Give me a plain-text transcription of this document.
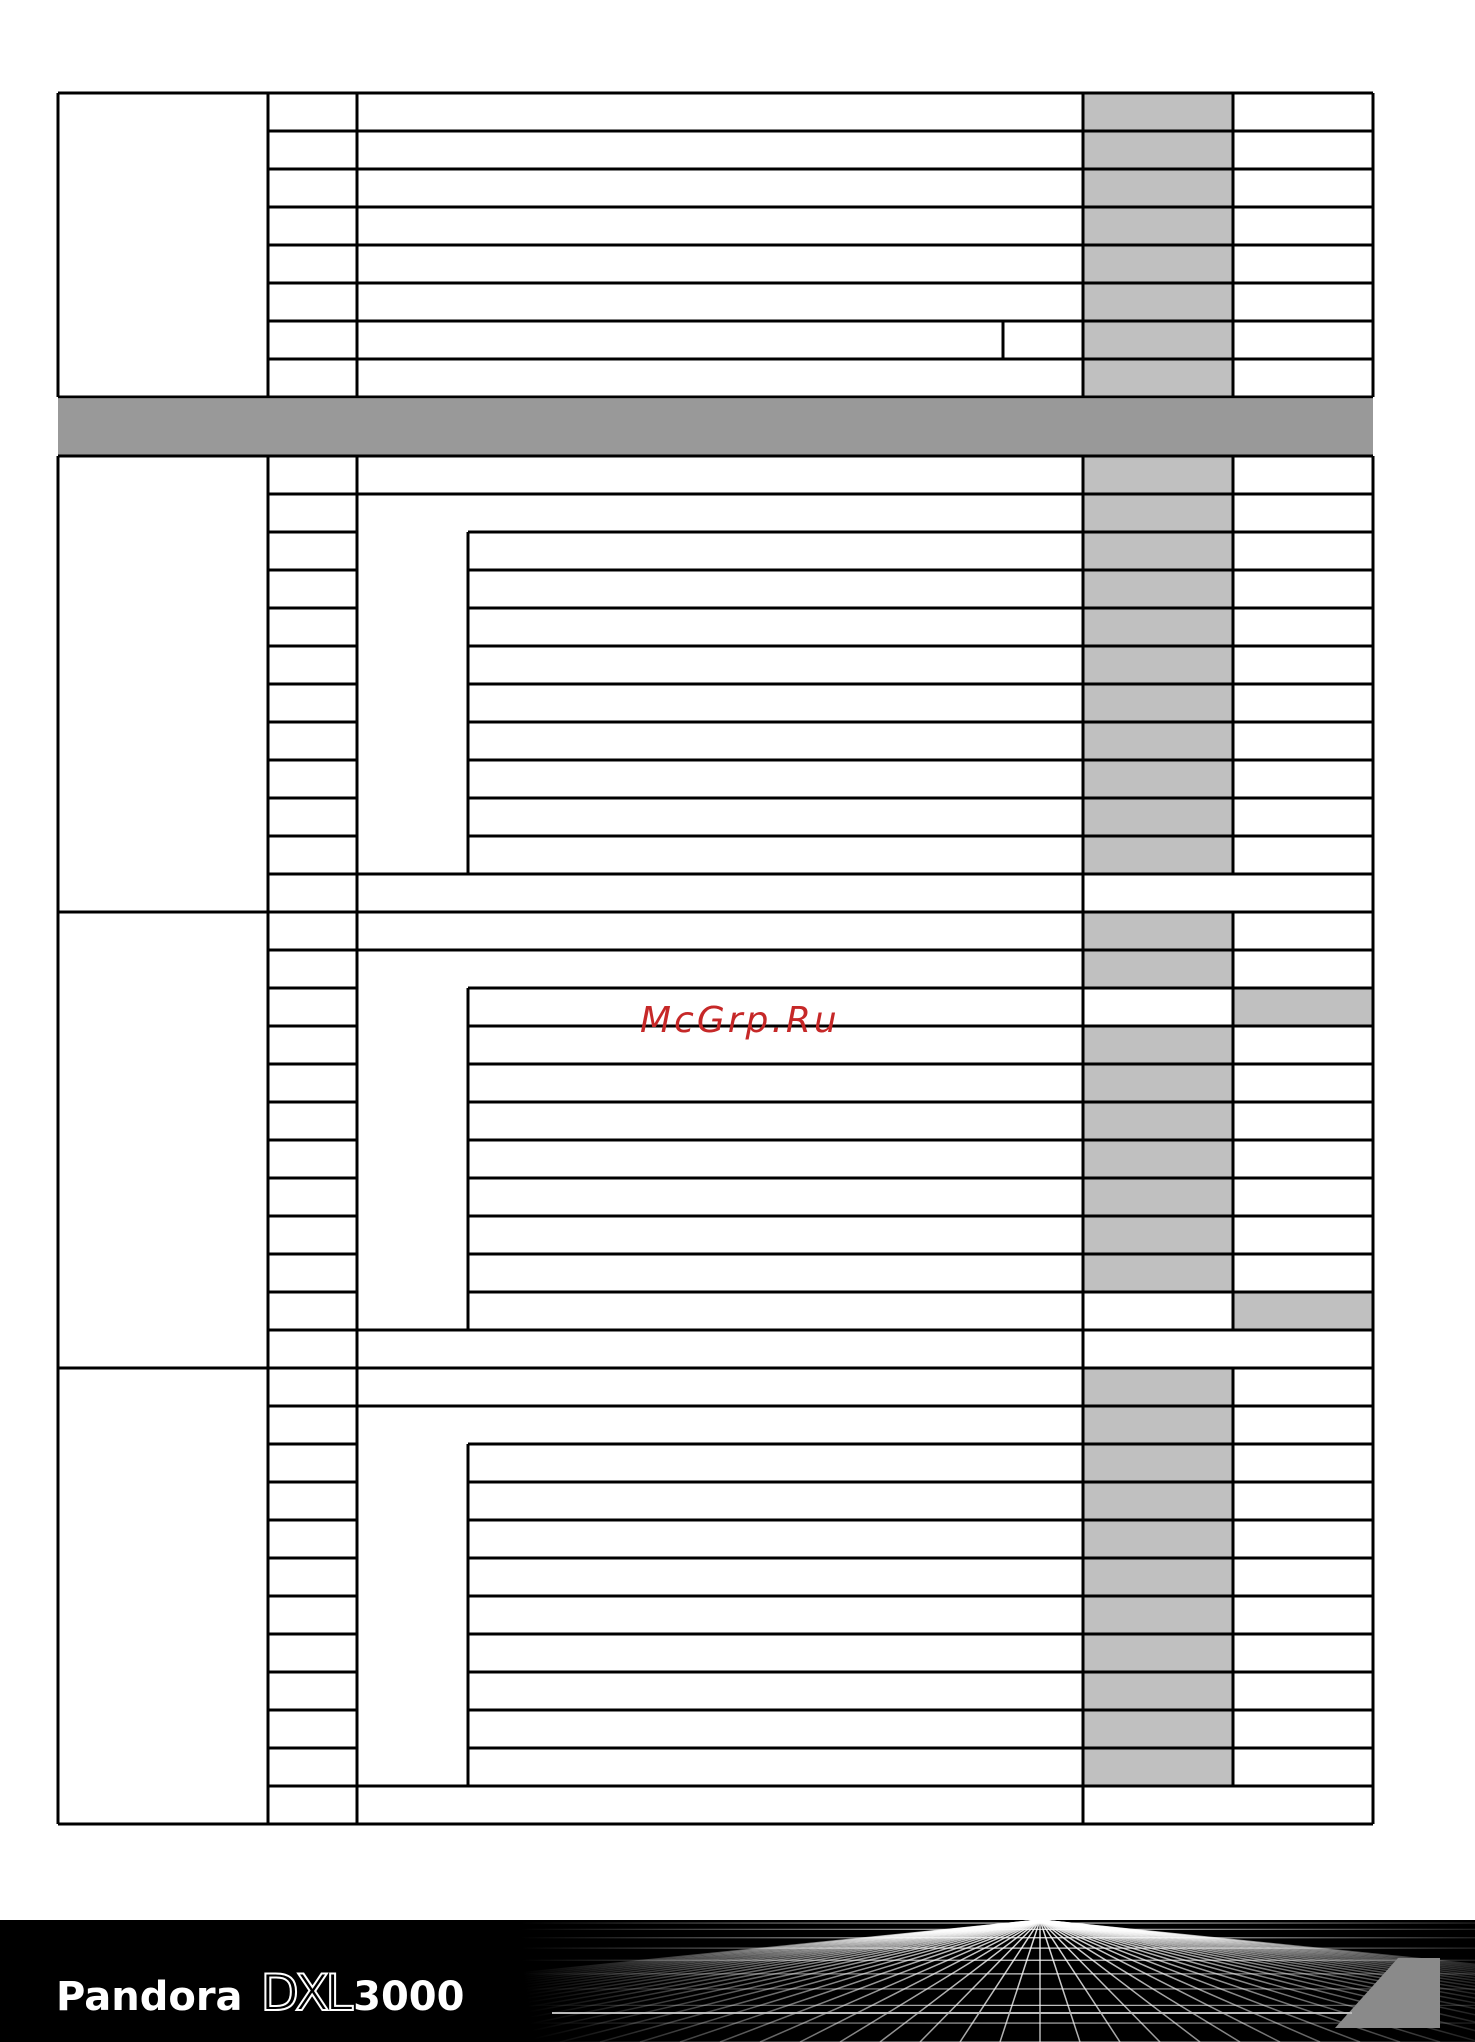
McGrp.Ru
Pandora DXL 3000
